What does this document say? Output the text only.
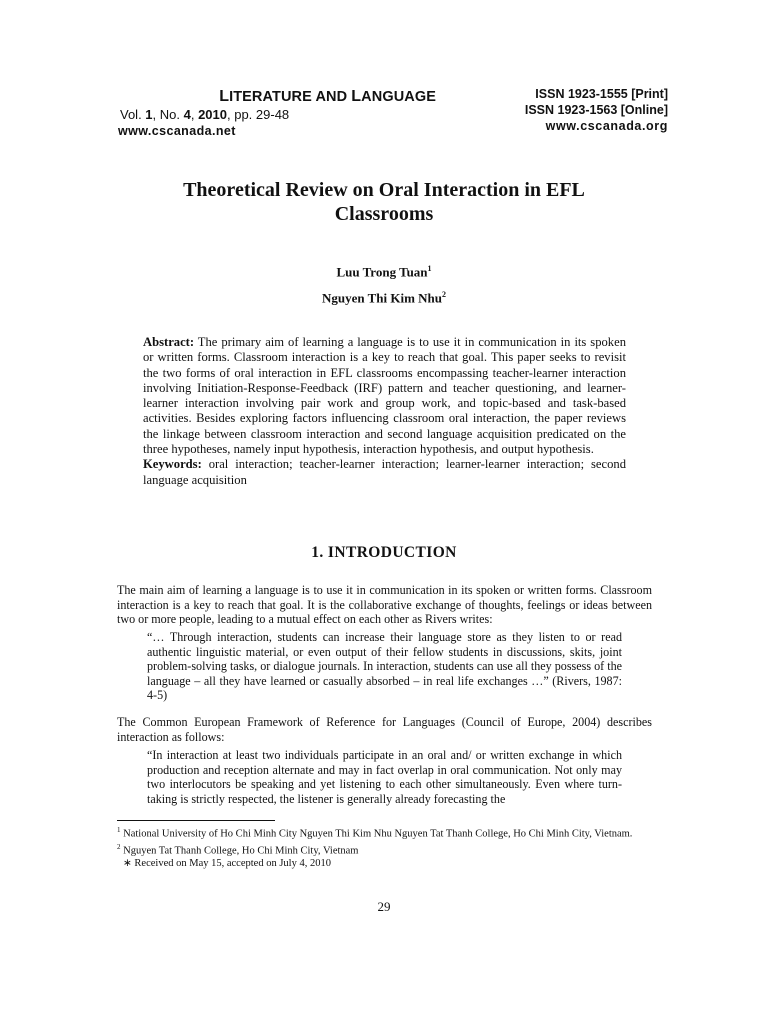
LITERATURE AND LANGUAGE
Vol. 1, No. 4, 2010, pp. 29-48
www.cscanada.net
ISSN 1923-1555 [Print]
ISSN 1923-1563 [Online]
www.cscanada.org
Theoretical Review on Oral Interaction in EFL
Classrooms
Luu Trong Tuan$^1$
Nguyen Thi Kim Nhu$^2$
Abstract: The primary aim of learning a language is to use it in communication in its spoken or written forms. Classroom interaction is a key to reach that goal. This paper seeks to revisit the two forms of oral interaction in EFL classrooms encompassing teacher-learner interaction involving Initiation-Response-Feedback (IRF) pattern and teacher questioning, and learner-learner interaction involving pair work and group work, and topic-based and task-based activities. Besides exploring factors influencing classroom oral interaction, the paper reviews the linkage between classroom interaction and second language acquisition predicated on the three hypotheses, namely input hypothesis, interaction hypothesis, and output hypothesis.
Keywords: oral interaction; teacher-learner interaction; learner-learner interaction; second language acquisition
1. INTRODUCTION
The main aim of learning a language is to use it in communication in its spoken or written forms. Classroom interaction is a key to reach that goal. It is the collaborative exchange of thoughts, feelings or ideas between two or more people, leading to a mutual effect on each other as Rivers writes:
“… Through interaction, students can increase their language store as they listen to or read authentic linguistic material, or even output of their fellow students in discussions, skits, joint problem-solving tasks, or dialogue journals. In interaction, students can use all they possess of the language – all they have learned or casually absorbed – in real life exchanges …” (Rivers, 1987: 4-5)
The Common European Framework of Reference for Languages (Council of Europe, 2004) describes interaction as follows:
“In interaction at least two individuals participate in an oral and/ or written exchange in which production and reception alternate and may in fact overlap in oral communication. Not only may two interlocutors be speaking and yet listening to each other simultaneously. Even where turn-taking is strictly respected, the listener is generally already forecasting the
$^1$ National University of Ho Chi Minh City Nguyen Thi Kim Nhu Nguyen Tat Thanh College, Ho Chi Minh City, Vietnam.
$^2$ Nguyen Tat Thanh College, Ho Chi Minh City, Vietnam
∗ Received on May 15, accepted on July 4, 2010
29
